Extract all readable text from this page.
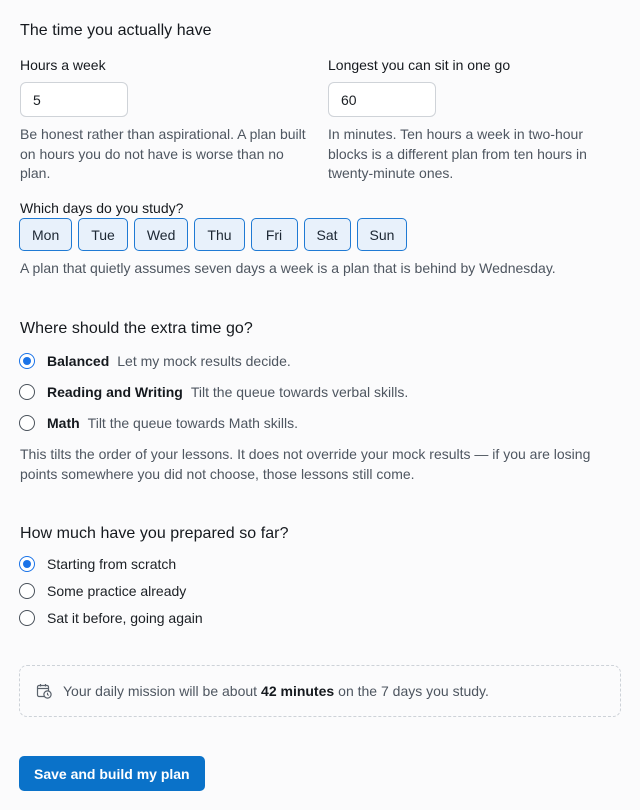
The time you actually have
Hours a week
5
Be honest rather than aspirational. A plan built on hours you do not have is worse than no plan.
Longest you can sit in one go
60
In minutes. Ten hours a week in two-hour blocks is a different plan from ten hours in twenty-minute ones.
Which days do you study?
Mon	Tue	Wed	Thu	Fri	Sat	Sun
A plan that quietly assumes seven days a week is a plan that is behind by Wednesday.
Where should the extra time go?
Balanced Let my mock results decide.
Reading and Writing Tilt the queue towards verbal skills.
Math Tilt the queue towards Math skills.
This tilts the order of your lessons. It does not override your mock results — if you are losing points somewhere you did not choose, those lessons still come.
How much have you prepared so far?
Starting from scratch
Some practice already
Sat it before, going again
Your daily mission will be about 42 minutes on the 7 days you study.
Save and build my plan
